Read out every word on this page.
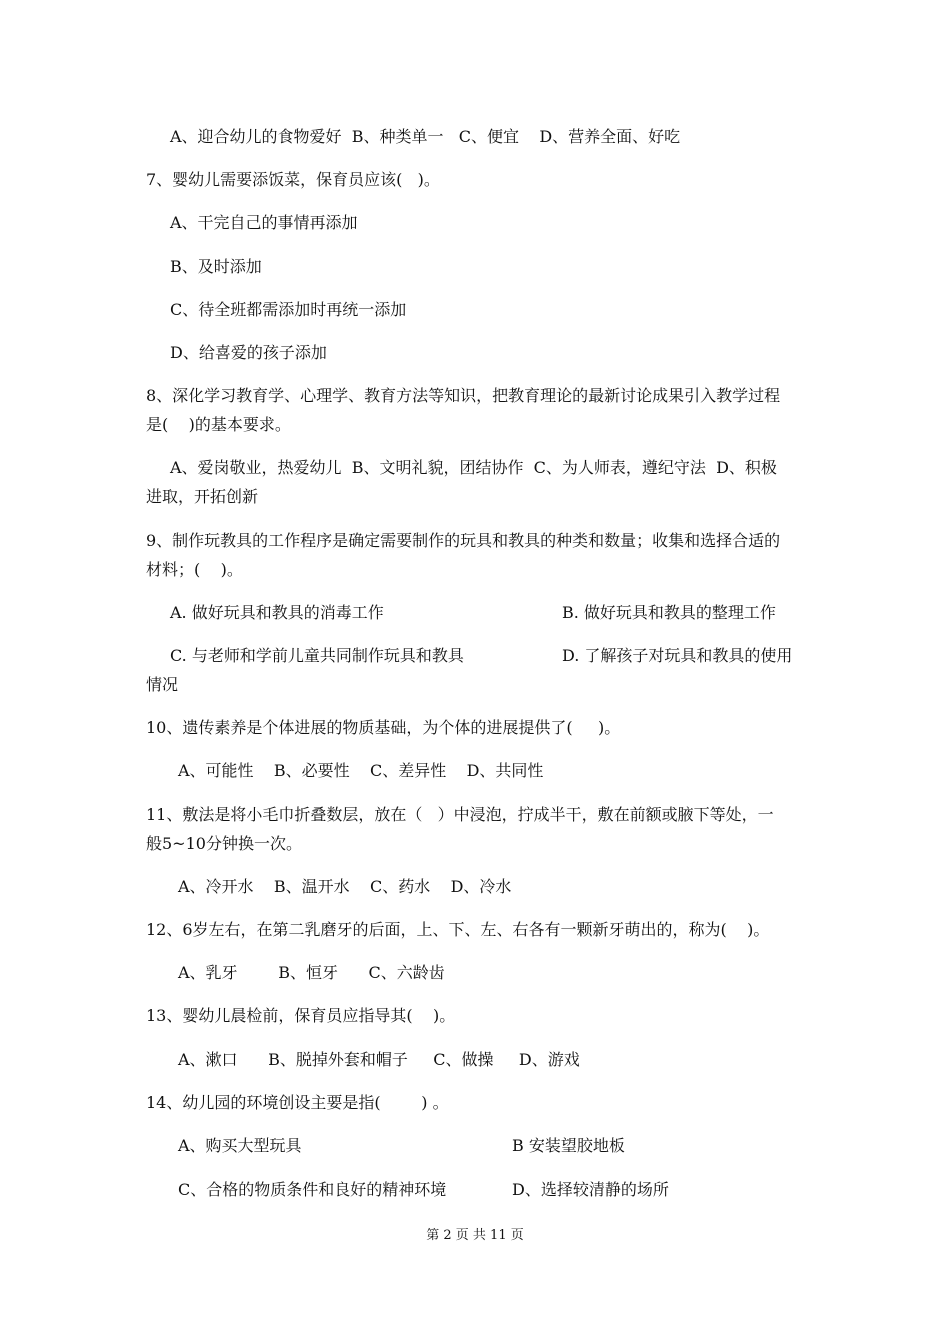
A、迎合幼儿的食物爱好  B、种类单一   C、便宜    D、营养全面、好吃
7、婴幼儿需要添饭菜，保育员应该(   )。
A、干完自己的事情再添加
B、及时添加
C、待全班都需添加时再统一添加
D、给喜爱的孩子添加
8、深化学习教育学、心理学、教育方法等知识，把教育理论的最新讨论成果引入教学过程
是(    )的基本要求。
A、爱岗敬业，热爱幼儿  B、文明礼貌，团结协作  C、为人师表，遵纪守法  D、积极
进取，开拓创新
9、制作玩教具的工作程序是确定需要制作的玩具和教具的种类和数量；收集和选择合适的
材料；(    )。
A. 做好玩具和教具的消毒工作	B. 做好玩具和教具的整理工作
C. 与老师和学前儿童共同制作玩具和教具	D. 了解孩子对玩具和教具的使用
情况
10、遗传素养是个体进展的物质基础，为个体的进展提供了(     )。
A、可能性    B、必要性    C、差异性    D、共同性
11、敷法是将小毛巾折叠数层，放在（   ）中浸泡，拧成半干，敷在前额或腋下等处，一
般5~10分钟换一次。
A、冷开水    B、温开水    C、药水    D、冷水
12、6岁左右，在第二乳磨牙的后面，上、下、左、右各有一颗新牙萌出的，称为(    )。
A、乳牙        B、恒牙      C、六龄齿
13、婴幼儿晨检前，保育员应指导其(    )。
A、漱口      B、脱掉外套和帽子     C、做操     D、游戏
14、幼儿园的环境创设主要是指(        ) 。
A、购买大型玩具	B 安装望胶地板
C、合格的物质条件和良好的精神环境	D、选择较清静的场所
第 2 页 共 11 页
